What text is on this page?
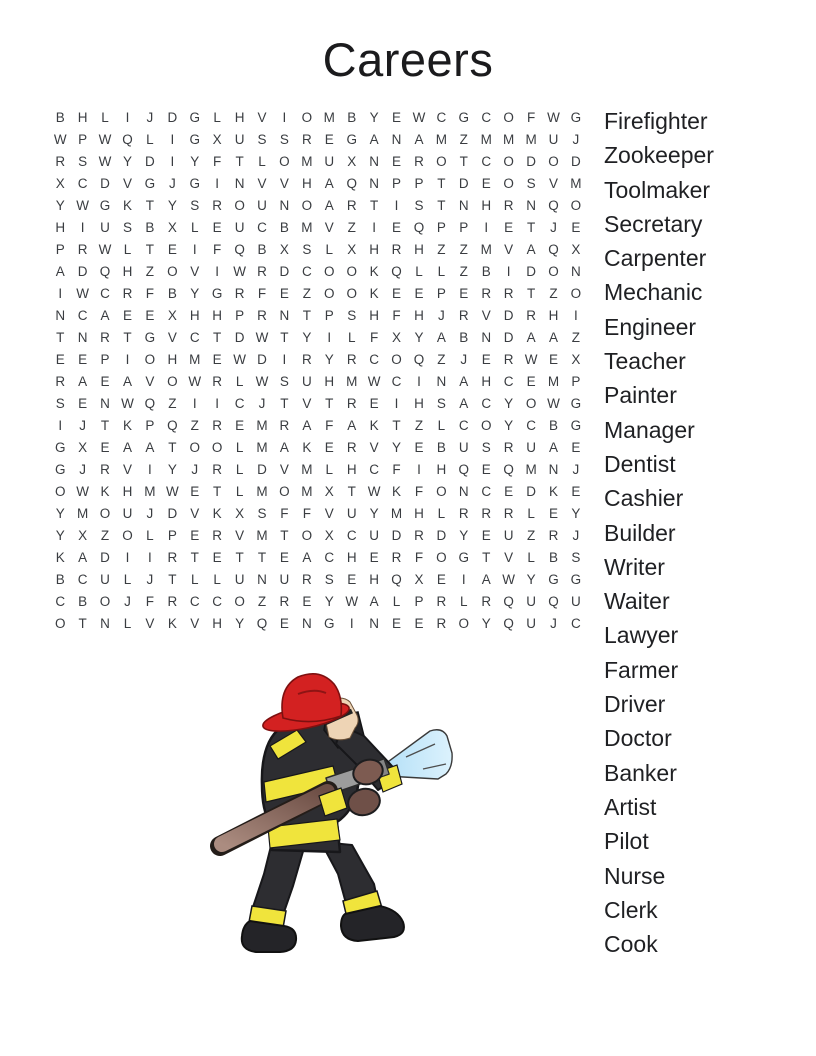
Careers
B H	L	I	J	D G L	H V	I	O M B Y E W C G C O F W G
W P W Q L	I	G X U S S R E G A N A M Z M M M U	J
R S W Y D	I	Y	F	T	L O M U X N E R O T C O D O D
X C D V G	J	G	I	N V V H A Q N P P	T D E O S V M
Y W G K	T	Y S R O U N O A R T	I	S	T N H R N Q O
H	I	U S B X	L	E U C B M V	Z	I	E Q P P	I	E	T	J	E
P R W L	T	E	I	F Q B X S	L	X H R H Z	Z M V A Q X
A D Q H Z O V	I	W R D C O O K Q L	L	Z	B	I	D O N
I	W C R F	B Y G R F	E	Z O O K E E P E R R T	Z O
N C A E E X H H P R N T	P S H F H	J	R V D R H	I
T N R T G V C T D W T	Y	I	L	F	X Y A B N D A A	Z
E E P	I	O H M E W D	I	R Y R C O Q Z	J	E R W E X
R A E A V O W R	L W S U H M W C	I	N A H C E M P
S E N W Q Z	I	I	C	J	T	V	T R E	I	H S A C Y O W G
I	J	T	K P Q Z R E M R A	F	A K	T	Z	L	C O Y C B G
G X E A A	T O O L M A K E R V Y E B U S R U A E
G	J	R V	I	Y	J	R	L	D V M L	H C F	I	H Q E Q M N	J
O W K H M W E	T	L M O M X	T W K	F O N C E D K E
Y M O U	J	D V K X S	F	F	V U Y M H	L	R R R	L	E Y
Y X	Z O L	P E R V M T O X C U D R D Y E U Z R	J
K A D	I	I	R T	E	T	T	E A C H E R F O G T	V	L	B S
B C U	L	J	T	L	L	U N U R S E H Q X E	I	A W Y G G
C B O	J	F R C C O Z R E Y W A	L	P R	L	R Q U Q U
O T N	L	V K V H Y Q E N G	I	N E E R O Y Q U	J	C
Firefighter
Zookeeper
Toolmaker
Secretary
Carpenter
Mechanic
Engineer
Teacher
Painter
Manager
Dentist
Cashier
Builder
Writer
Waiter
Lawyer
Farmer
Driver
Doctor
Banker
Artist
Pilot
Nurse
Clerk
Cook
